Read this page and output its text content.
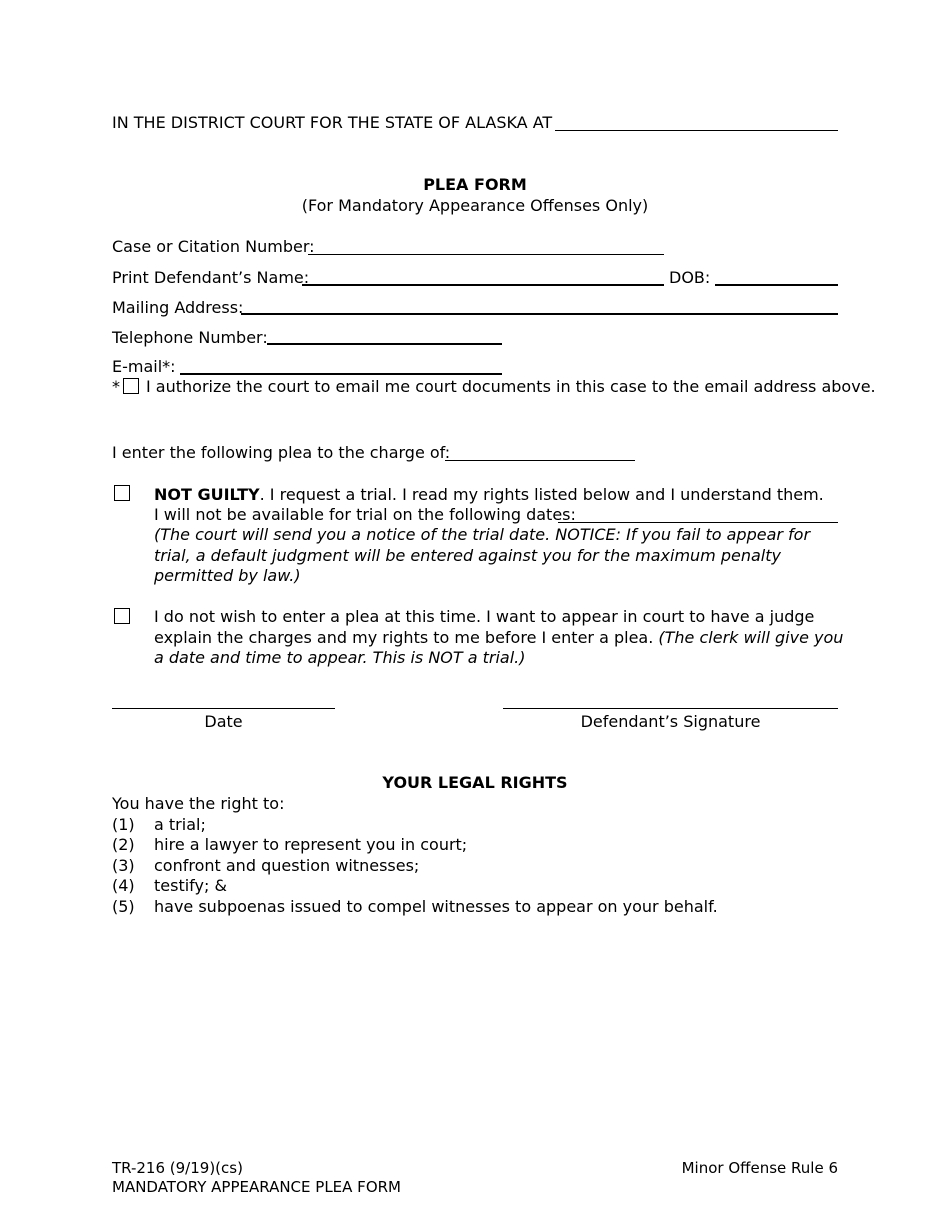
IN THE DISTRICT COURT FOR THE STATE OF ALASKA AT
PLEA FORM
(For Mandatory Appearance Offenses Only)
Case or Citation Number:
Print Defendant’s Name:	DOB:
Mailing Address:
Telephone Number:
E-mail*:
* I authorize the court to email me court documents in this case to the email address above.
I enter the following plea to the charge of:
NOT GUILTY. I request a trial. I read my rights listed below and I understand them.
I will not be available for trial on the following dates:
(The court will send you a notice of the trial date. NOTICE: If you fail to appear for trial, a default judgment will be entered against you for the maximum penalty permitted by law.)
I do not wish to enter a plea at this time. I want to appear in court to have a judge explain the charges and my rights to me before I enter a plea. (The clerk will give you a date and time to appear. This is NOT a trial.)
Date	Defendant’s Signature
YOUR LEGAL RIGHTS
You have the right to:
(1) a trial;
(2) hire a lawyer to represent you in court;
(3) confront and question witnesses;
(4) testify; &
(5) have subpoenas issued to compel witnesses to appear on your behalf.
TR-216 (9/19)(cs)
MANDATORY APPEARANCE PLEA FORM
Minor Offense Rule 6
